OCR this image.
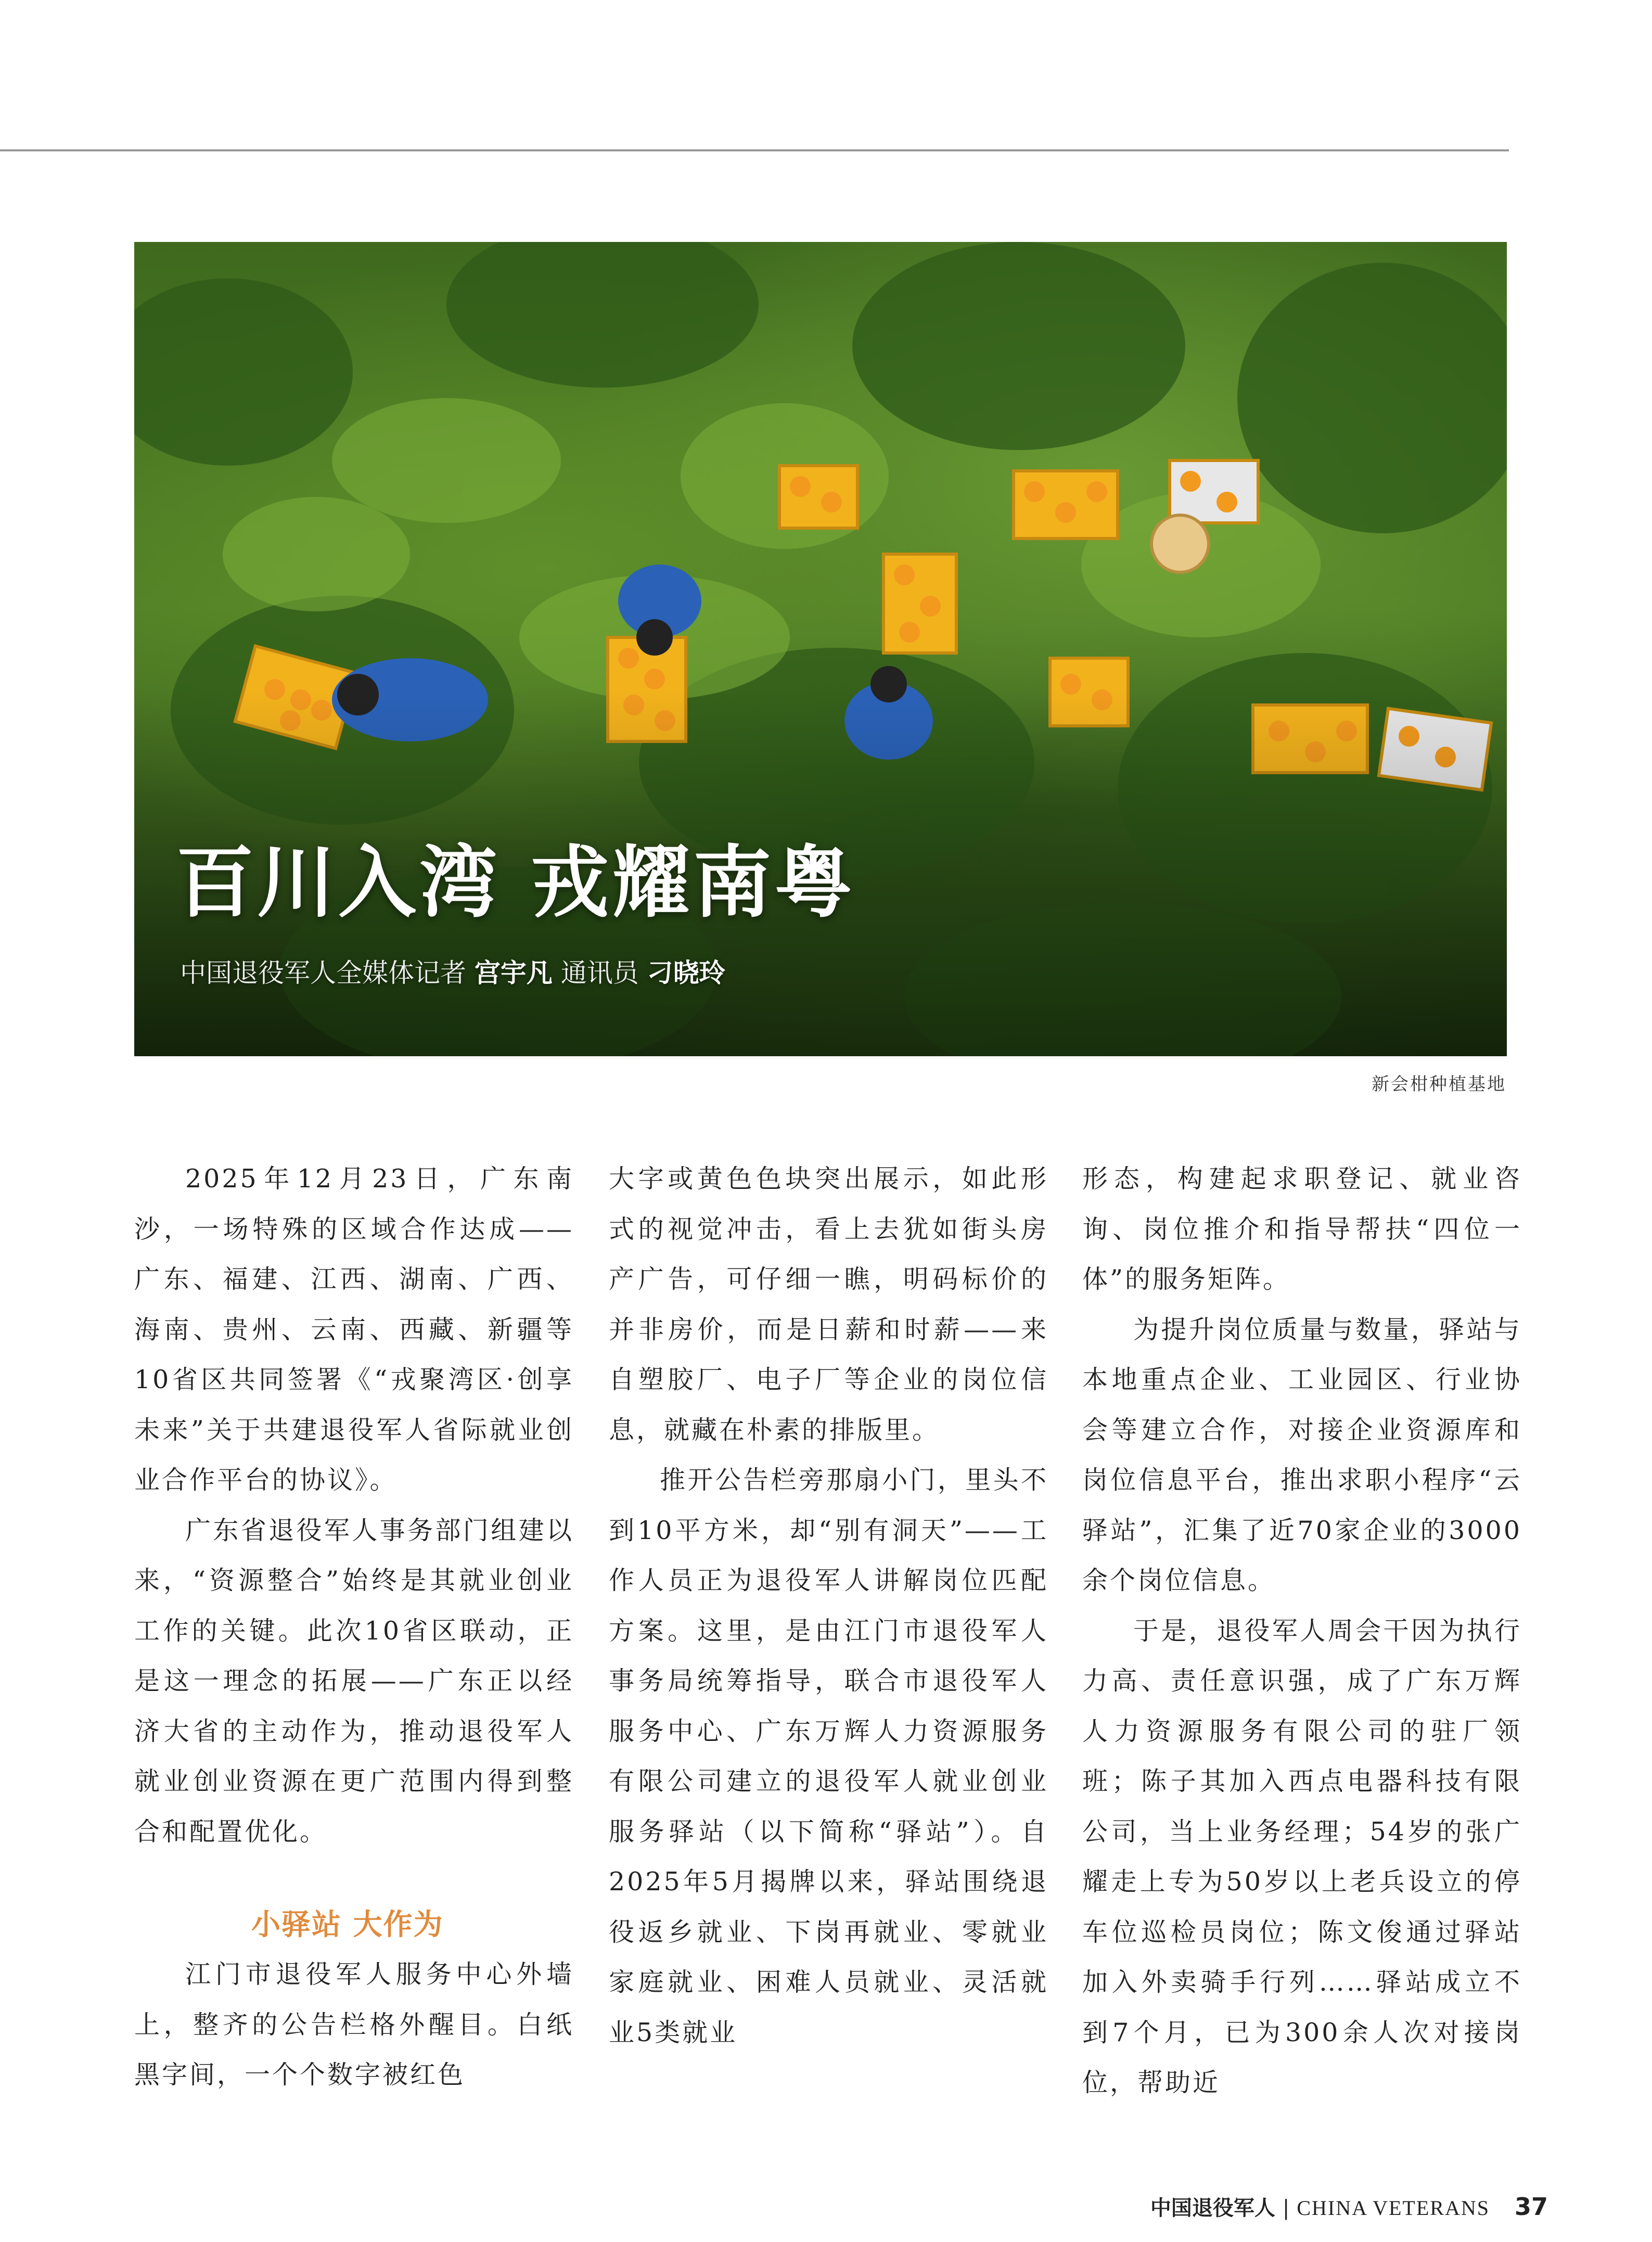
百川入湾 戎耀南粤
中国退役军人全媒体记者 宫宇凡 通讯员 刁晓玲
新会柑种植基地

2025年12月23日，广东南沙，一场特殊的区域合作达成——广东、福建、江西、湖南、广西、海南、贵州、云南、西藏、新疆等10省区共同签署《“戎聚湾区·创享未来”关于共建退役军人省际就业创业合作平台的协议》。

广东省退役军人事务部门组建以来，“资源整合”始终是其就业创业工作的关键。此次10省区联动，正是这一理念的拓展——广东正以经济大省的主动作为，推动退役军人就业创业资源在更广范围内得到整合和配置优化。

小驿站 大作为

江门市退役军人服务中心外墙上，整齐的公告栏格外醒目。白纸黑字间，一个个数字被红色

大字或黄色色块突出展示，如此形式的视觉冲击，看上去犹如街头房产广告，可仔细一瞧，明码标价的并非房价，而是日薪和时薪——来自塑胶厂、电子厂等企业的岗位信息，就藏在朴素的排版里。

推开公告栏旁那扇小门，里头不到10平方米，却“别有洞天”——工作人员正为退役军人讲解岗位匹配方案。这里，是由江门市退役军人事务局统筹指导，联合市退役军人服务中心、广东万辉人力资源服务有限公司建立的退役军人就业创业服务驿站（以下简称“驿站”）。自2025年5月揭牌以来，驿站围绕退役返乡就业、下岗再就业、零就业家庭就业、困难人员就业、灵活就业5类就业

形态，构建起求职登记、就业咨询、岗位推介和指导帮扶“四位一体”的服务矩阵。

为提升岗位质量与数量，驿站与本地重点企业、工业园区、行业协会等建立合作，对接企业资源库和岗位信息平台，推出求职小程序“云驿站”，汇集了近70家企业的3000余个岗位信息。

于是，退役军人周会干因为执行力高、责任意识强，成了广东万辉人力资源服务有限公司的驻厂领班；陈子其加入西点电器科技有限公司，当上业务经理；54岁的张广耀走上专为50岁以上老兵设立的停车位巡检员岗位；陈文俊通过驿站加入外卖骑手行列……驿站成立不到7个月，已为300余人次对接岗位，帮助近

中国退役军人 | CHINA VETERANS 37
